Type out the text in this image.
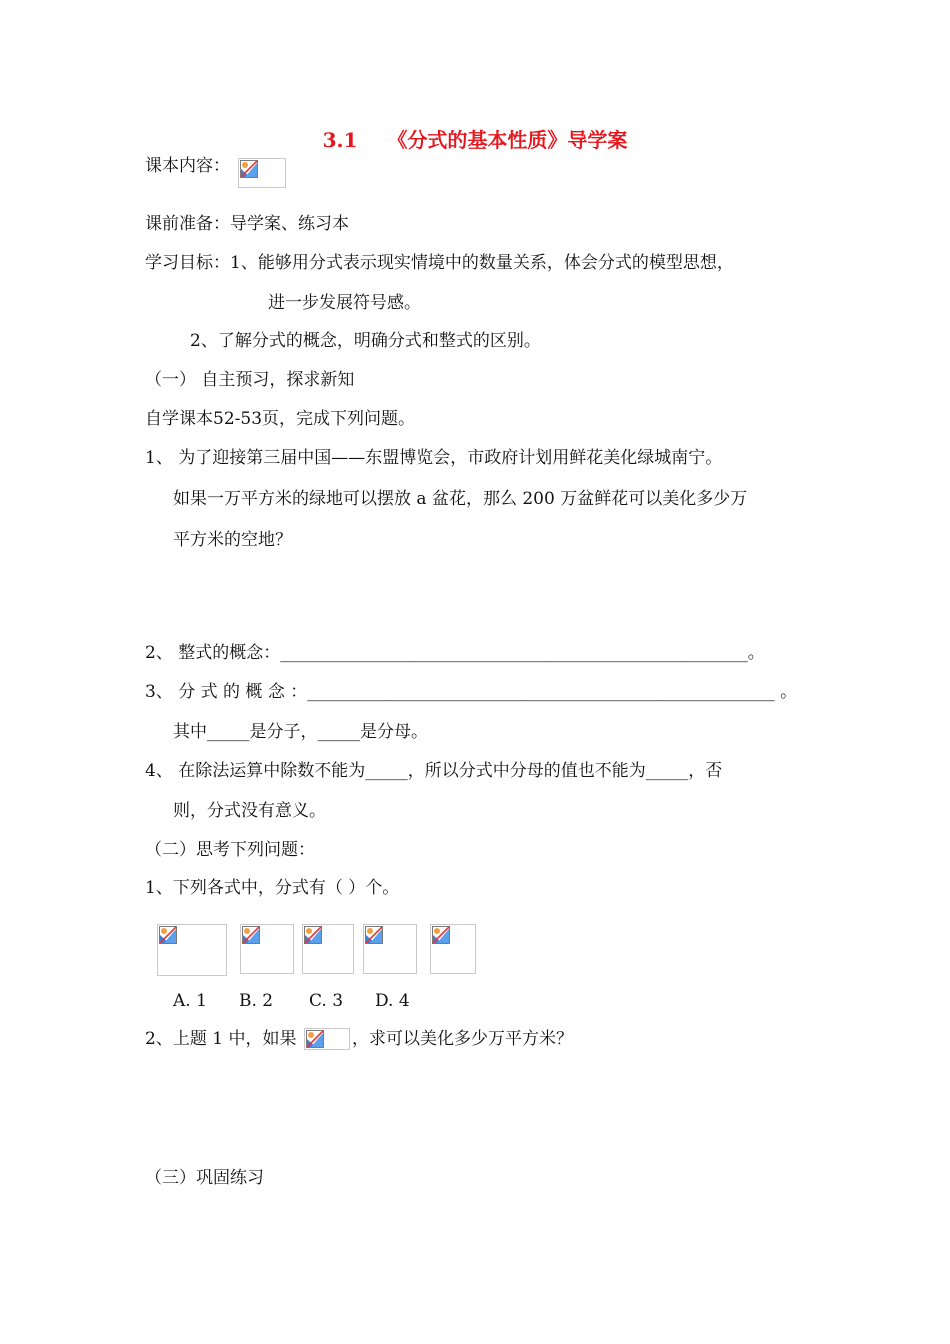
3.1 《分式的基本性质》导学案
课本内容：
课前准备：导学案、练习本
学习目标：1、能够用分式表示现实情境中的数量关系，体会分式的模型思想，
进一步发展符号感。
2、了解分式的概念，明确分式和整式的区别。
（一） 自主预习，探求新知
自学课本52-53页，完成下列问题。
1、 为了迎接第三届中国——东盟博览会，市政府计划用鲜花美化绿城南宁。
如果一万平方米的绿地可以摆放 a 盆花，那么 200 万盆鲜花可以美化多少万
平方米的空地？
2、 整式的概念：_______________________________________________________。
3、 分 式 的 概 念 ：_______________________________________________________ 。
其中_____是分子，_____是分母。
4、 在除法运算中除数不能为_____，所以分式中分母的值也不能为_____，否
则，分式没有意义。
（二）思考下列问题：
1、下列各式中，分式有（ ）个。
A. 1 B. 2 C. 3 D. 4
2、上题 1 中，如果	，求可以美化多少万平方米？
（三）巩固练习
